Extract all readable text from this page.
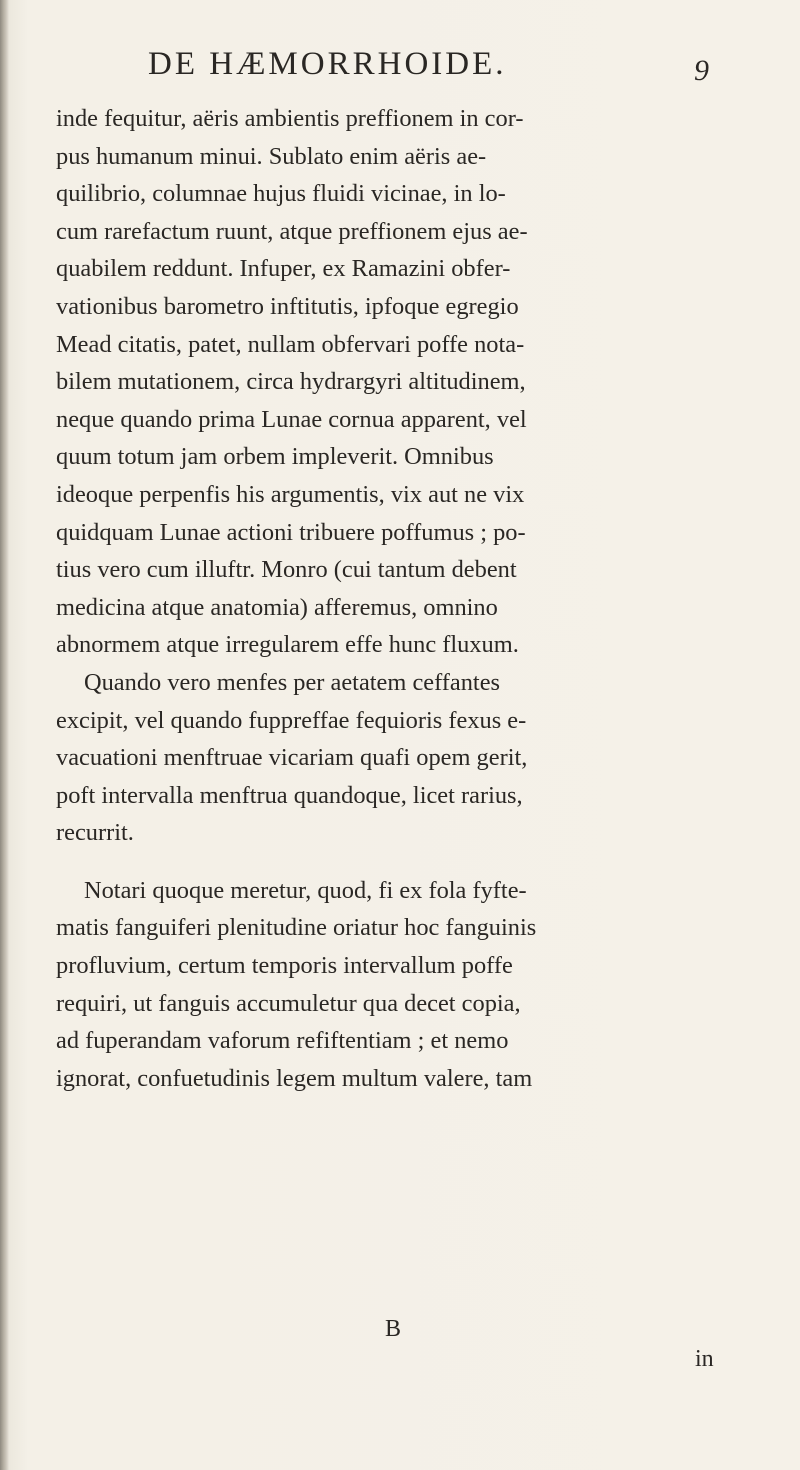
DE HÆMORRHOIDE.	9
inde fequitur, aëris ambientis preffionem in cor-
pus humanum minui. Sublato enim aëris ae-
quilibrio, columnae hujus fluidi vicinae, in lo-
cum rarefactum ruunt, atque preffionem ejus ae-
quabilem reddunt. Infuper, ex Ramazini obfer-
vationibus barometro inftitutis, ipfoque egregio
Mead citatis, patet, nullam obfervari poffe nota-
bilem mutationem, circa hydrargyri altitudinem,
neque quando prima Lunae cornua apparent, vel
quum totum jam orbem impleverit. Omnibus
ideoque perpenfis his argumentis, vix aut ne vix
quidquam Lunae actioni tribuere poffumus ; po-
tius vero cum illuftr. Monro (cui tantum debent
medicina atque anatomia) afferemus, omnino
abnormem atque irregularem effe hunc fluxum.
Quando vero menfes per aetatem ceffantes
excipit, vel quando fuppreffae fequioris fexus e-
vacuationi menftruae vicariam quafi opem gerit,
poft intervalla menftrua quandoque, licet rarius,
recurrit.
Notari quoque meretur, quod, fi ex fola fyfte-
matis fanguiferi plenitudine oriatur hoc fanguinis
profluvium, certum temporis intervallum poffe
requiri, ut fanguis accumuletur qua decet copia,
ad fuperandam vaforum refiftentiam ; et nemo
ignorat, confuetudinis legem multum valere, tam
B
in
